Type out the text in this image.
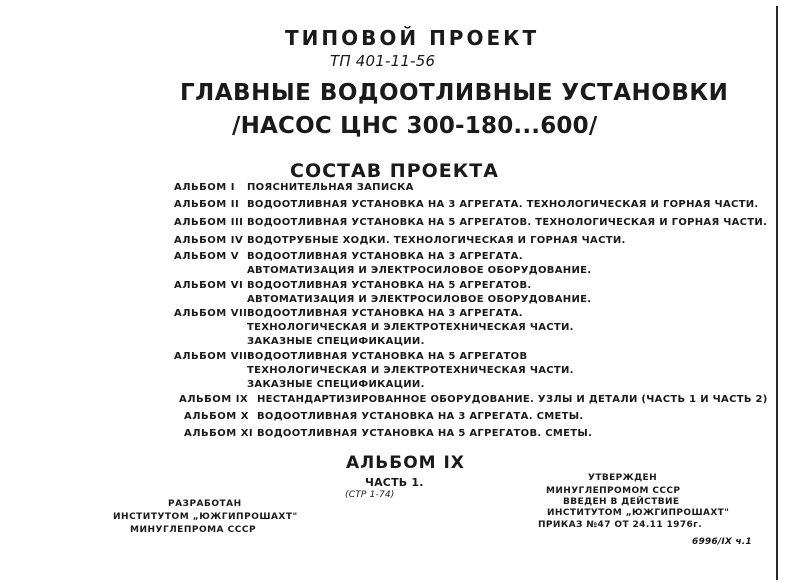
ТИПОВОЙ ПРОЕКТ
ТП 401-11-56
ГЛАВНЫЕ ВОДООТЛИВНЫЕ УСТАНОВКИ
/НАСОС ЦНС 300-180...600/
СОСТАВ ПРОЕКТА
АЛЬБОМ I ПОЯСНИТЕЛЬНАЯ ЗАПИСКА
АЛЬБОМ II ВОДООТЛИВНАЯ УСТАНОВКА НА 3 АГРЕГАТА. ТЕХНОЛОГИЧЕСКАЯ И ГОРНАЯ ЧАСТИ.
АЛЬБОМ III ВОДООТЛИВНАЯ УСТАНОВКА НА 5 АГРЕГАТОВ. ТЕХНОЛОГИЧЕСКАЯ И ГОРНАЯ ЧАСТИ.
АЛЬБОМ IV ВОДОТРУБНЫЕ ХОДКИ. ТЕХНОЛОГИЧЕСКАЯ И ГОРНАЯ ЧАСТИ.
АЛЬБОМ V ВОДООТЛИВНАЯ УСТАНОВКА НА 3 АГРЕГАТА.
АВТОМАТИЗАЦИЯ И ЭЛЕКТРОСИЛОВОЕ ОБОРУДОВАНИЕ.
АЛЬБОМ VI ВОДООТЛИВНАЯ УСТАНОВКА НА 5 АГРЕГАТОВ.
АВТОМАТИЗАЦИЯ И ЭЛЕКТРОСИЛОВОЕ ОБОРУДОВАНИЕ.
АЛЬБОМ VII ВОДООТЛИВНАЯ УСТАНОВКА НА 3 АГРЕГАТА.
ТЕХНОЛОГИЧЕСКАЯ И ЭЛЕКТРОТЕХНИЧЕСКАЯ ЧАСТИ.
ЗАКАЗНЫЕ СПЕЦИФИКАЦИИ.
АЛЬБОМ VIII
ВОДООТЛИВНАЯ УСТАНОВКА НА 5 АГРЕГАТОВ
ТЕХНОЛОГИЧЕСКАЯ И ЭЛЕКТРОТЕХНИЧЕСКАЯ ЧАСТИ.
ЗАКАЗНЫЕ СПЕЦИФИКАЦИИ.
АЛЬБОМ IX НЕСТАНДАРТИЗИРОВАННОЕ ОБОРУДОВАНИЕ. УЗЛЫ И ДЕТАЛИ (ЧАСТЬ 1 И ЧАСТЬ 2)
АЛЬБОМ X ВОДООТЛИВНАЯ УСТАНОВКА НА 3 АГРЕГАТА. СМЕТЫ.
АЛЬБОМ XI ВОДООТЛИВНАЯ УСТАНОВКА НА 5 АГРЕГАТОВ. СМЕТЫ.
АЛЬБОМ IX
ЧАСТЬ 1.
(СТР 1-74)
РАЗРАБОТАН
ИНСТИТУТОМ „ЮЖГИПРОШАХТ"
МИНУГЛЕПРОМА СССР
УТВЕРЖДЕН
МИНУГЛЕПРОМОМ СССР
ВВЕДЕН В ДЕЙСТВИЕ
ИНСТИТУТОМ „ЮЖГИПРОШАХТ"
ПРИКАЗ №47 ОТ 24.11 1976г.
6996/IX ч.1
